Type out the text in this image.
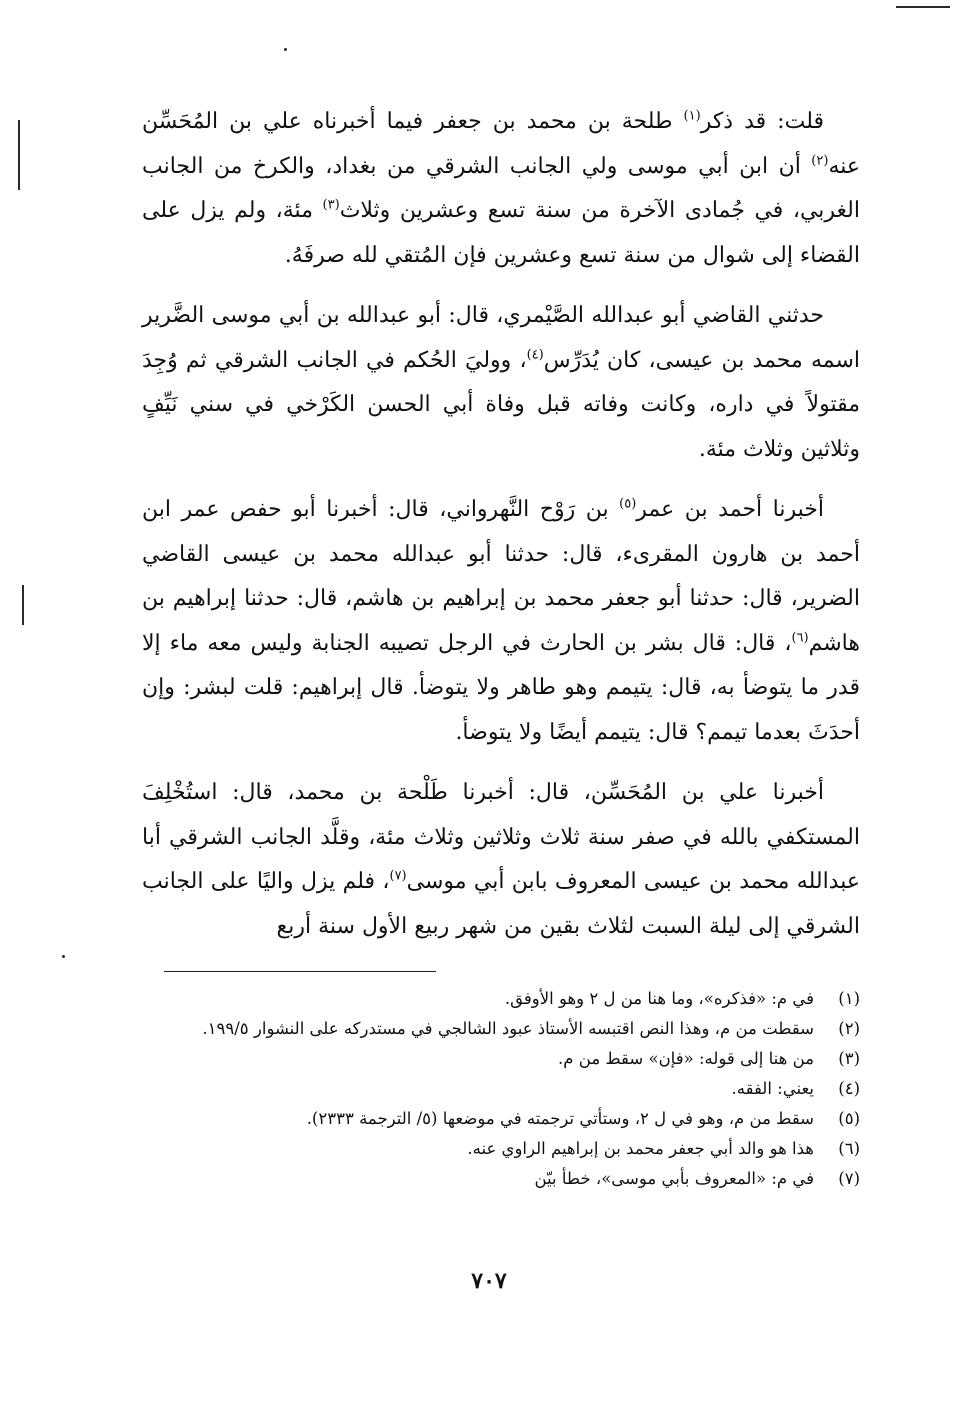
قلت: قد ذكر$^{(١)}$ طلحة بن محمد بن جعفر فيما أخبرناه علي بن المُحَسِّن عنه$^{(٢)}$ أن ابن أبي موسى ولي الجانب الشرقي من بغداد، والكرخ من الجانب الغربي، في جُمادى الآخرة من سنة تسع وعشرين وثلاث$^{(٣)}$ مئة، ولم يزل على القضاء إلى شوال من سنة تسع وعشرين فإن المُتقي لله صرفَهُ.

حدثني القاضي أبو عبدالله الصَّيْمري، قال: أبو عبدالله بن أبي موسى الضَّرير اسمه محمد بن عيسى، كان يُدَرِّس$^{(٤)}$، ووليَ الحُكم في الجانب الشرقي ثم وُجِدَ مقتولاً في داره، وكانت وفاته قبل وفاة أبي الحسن الكَرْخي في سني نَيِّفٍ وثلاثين وثلاث مئة.

أخبرنا أحمد بن عمر$^{(٥)}$ بن رَوْح النَّهرواني، قال: أخبرنا أبو حفص عمر ابن أحمد بن هارون المقرىء، قال: حدثنا أبو عبدالله محمد بن عيسى القاضي الضرير، قال: حدثنا أبو جعفر محمد بن إبراهيم بن هاشم، قال: حدثنا إبراهيم بن هاشم$^{(٦)}$، قال: قال بشر بن الحارث في الرجل تصيبه الجنابة وليس معه ماء إلا قدر ما يتوضأ به، قال: يتيمم وهو طاهر ولا يتوضأ. قال إبراهيم: قلت لبشر: وإن أحدَثَ بعدما تيمم؟ قال: يتيمم أيضًا ولا يتوضأ.

أخبرنا علي بن المُحَسِّن، قال: أخبرنا طَلْحة بن محمد، قال: استُخْلِفَ المستكفي بالله في صفر سنة ثلاث وثلاثين وثلاث مئة، وقلَّد الجانب الشرقي أبا عبدالله محمد بن عيسى المعروف بابن أبي موسى$^{(٧)}$، فلم يزل واليًا على الجانب الشرقي إلى ليلة السبت لثلاث بقين من شهر ربيع الأول سنة أربع

(١)
في م: «فذكره»، وما هنا من ل ٢ وهو الأوفق.
(٢)
سقطت من م، وهذا النص اقتبسه الأستاذ عبود الشالجي في مستدركه على النشوار ١٩٩/٥.
(٣)
من هنا إلى قوله: «فإن» سقط من م.
(٤)
يعني: الفقه.
(٥)
سقط من م، وهو في ل ٢، وستأتي ترجمته في موضعها (٥/ الترجمة ٢٣٣٣).
(٦)
هذا هو والد أبي جعفر محمد بن إبراهيم الراوي عنه.
(٧)
في م: «المعروف بأبي موسى»، خطأ بيّن
٧٠٧
